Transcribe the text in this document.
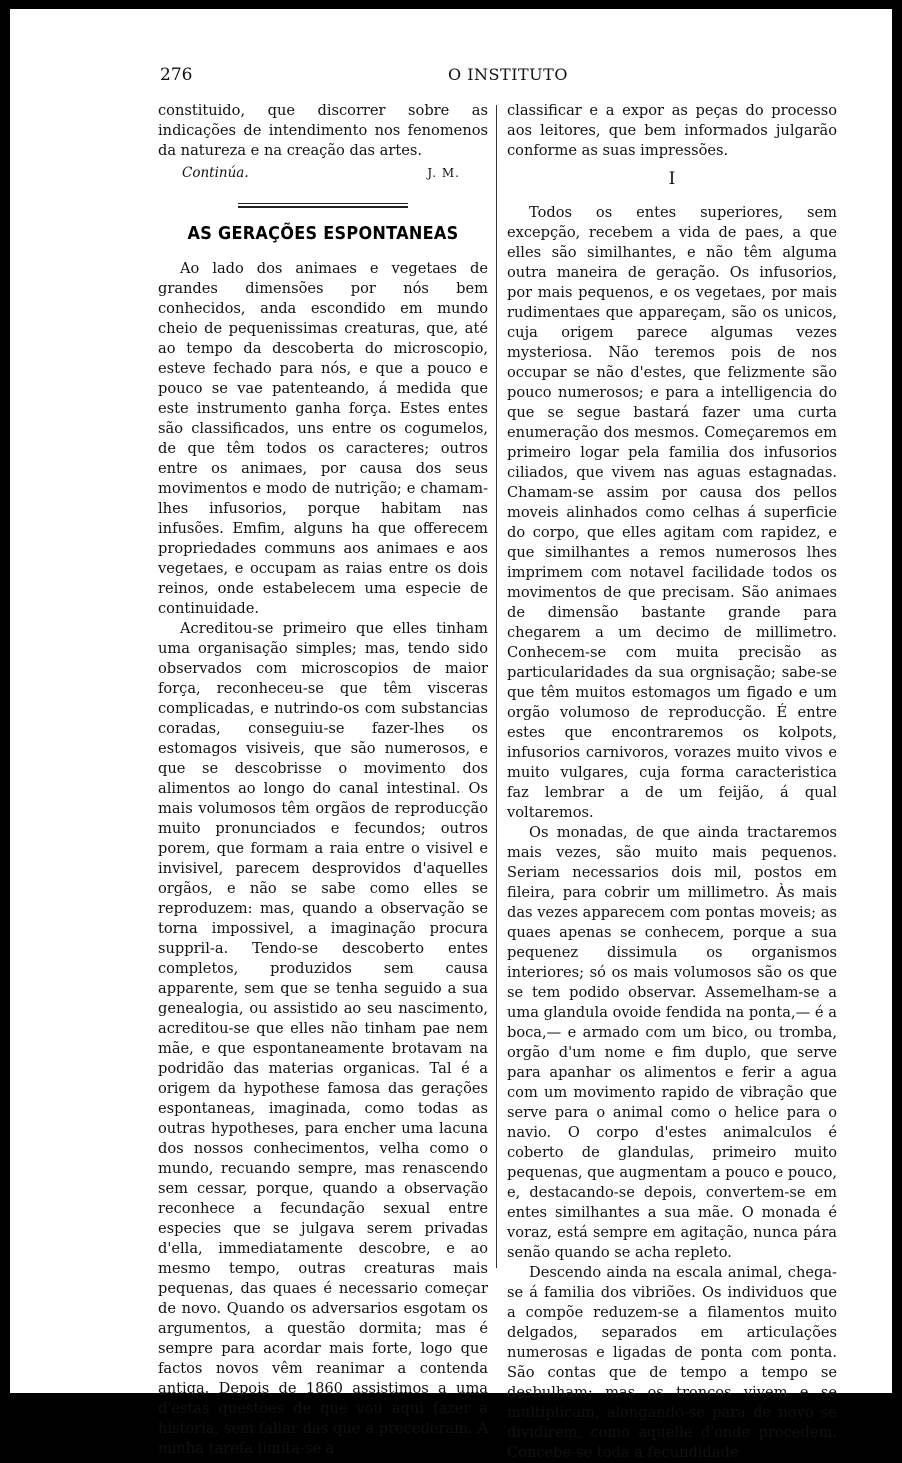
276	O INSTITUTO

constituido, que discorrer sobre as indicações de intendimento nos fenomenos da natureza e na creação das artes.

Continúa.	J. M.
AS GERAÇÕES ESPONTANEAS

Ao lado dos animaes e vegetaes de grandes dimensões por nós bem conhecidos, anda escondido em mundo cheio de pequenissimas creaturas, que, até ao tempo da descoberta do microscopio, esteve fechado para nós, e que a pouco e pouco se vae patenteando, á medida que este instrumento ganha força. Estes entes são classificados, uns entre os cogumelos, de que têm todos os caracteres; outros entre os animaes, por causa dos seus movimentos e modo de nutrição; e chamam-lhes infusorios, porque habitam nas infusões. Emfim, alguns ha que offerecem propriedades communs aos animaes e aos vegetaes, e occupam as raias entre os dois reinos, onde estabelecem uma especie de continuidade.

Acreditou-se primeiro que elles tinham uma organisação simples; mas, tendo sido observados com microscopios de maior força, reconheceu-se que têm visceras complicadas, e nutrindo-os com substancias coradas, conseguiu-se fazer-lhes os estomagos visiveis, que são numerosos, e que se descobrisse o movimento dos alimentos ao longo do canal intestinal. Os mais volumosos têm orgãos de reproducção muito pronunciados e fecundos; outros porem, que formam a raia entre o visivel e invisivel, parecem desprovidos d'aquelles orgãos, e não se sabe como elles se reproduzem: mas, quando a observação se torna impossivel, a imaginação procura suppril-a. Tendo-se descoberto entes completos, produzidos sem causa apparente, sem que se tenha seguido a sua genealogia, ou assistido ao seu nascimento, acreditou-se que elles não tinham pae nem mãe, e que espontaneamente brotavam na podridão das materias organicas. Tal é a origem da hypothese famosa das gerações espontaneas, imaginada, como todas as outras hypotheses, para encher uma lacuna dos nossos conhecimentos, velha como o mundo, recuando sempre, mas renascendo sem cessar, porque, quando a observação reconhece a fecundação sexual entre especies que se julgava serem privadas d'ella, immediatamente descobre, e ao mesmo tempo, outras creaturas mais pequenas, das quaes é necessario começar de novo. Quando os adversarios esgotam os argumentos, a questão dormita; mas é sempre para acordar mais forte, logo que factos novos vêm reanimar a contenda antiga. Depois de 1860 assistimos a uma d'estas questões de que vou aqui fazer a historia, sem fallar das que a precederam. A minha tarefa limita-se a

classificar e a expor as peças do processo aos leitores, que bem informados julgarão conforme as suas impressões.

I

Todos os entes superiores, sem excepção, recebem a vida de paes, a que elles são similhantes, e não têm alguma outra maneira de geração. Os infusorios, por mais pequenos, e os vegetaes, por mais rudimentaes que appareçam, são os unicos, cuja origem parece algumas vezes mysteriosa. Não teremos pois de nos occupar se não d'estes, que felizmente são pouco numerosos; e para a intelligencia do que se segue bastará fazer uma curta enumeração dos mesmos. Começaremos em primeiro logar pela familia dos infusorios ciliados, que vivem nas aguas estagnadas. Chamam-se assim por causa dos pellos moveis alinhados como celhas á superficie do corpo, que elles agitam com rapidez, e que similhantes a remos numerosos lhes imprimem com notavel facilidade todos os movimentos de que precisam. São animaes de dimensão bastante grande para chegarem a um decimo de millimetro. Conhecem-se com muita precisão as particularidades da sua orgnisação; sabe-se que têm muitos estomagos um figado e um orgão volumoso de reproducção. É entre estes que encontraremos os kolpots, infusorios carnivoros, vorazes muito vivos e muito vulgares, cuja forma caracteristica faz lembrar a de um feijão, á qual voltaremos.

Os monadas, de que ainda tractaremos mais vezes, são muito mais pequenos. Seriam necessarios dois mil, postos em fileira, para cobrir um millimetro. Às mais das vezes apparecem com pontas moveis; as quaes apenas se conhecem, porque a sua pequenez dissimula os organismos interiores; só os mais volumosos são os que se tem podido observar. Assemelham-se a uma glandula ovoide fendida na ponta,— é a boca,— e armado com um bico, ou tromba, orgão d'um nome e fim duplo, que serve para apanhar os alimentos e ferir a agua com um movimento rapido de vibração que serve para o animal como o helice para o navio. O corpo d'estes animalculos é coberto de glandulas, primeiro muito pequenas, que augmentam a pouco e pouco, e, destacando-se depois, convertem-se em entes similhantes a sua mãe. O monada é voraz, está sempre em agitação, nunca pára senão quando se acha repleto.

Descendo ainda na escala animal, chega-se á familia dos vibriões. Os individuos que a compõe reduzem-se a filamentos muito delgados, separados em articulações numerosas e ligadas de ponta com ponta. São contas que de tempo a tempo se desbulham; mas os troncos vivem e se multiplicam, alongando-se para de novo se dividirem, como aquelle d'onde procedem. Concebe-se toda a fecundidade
